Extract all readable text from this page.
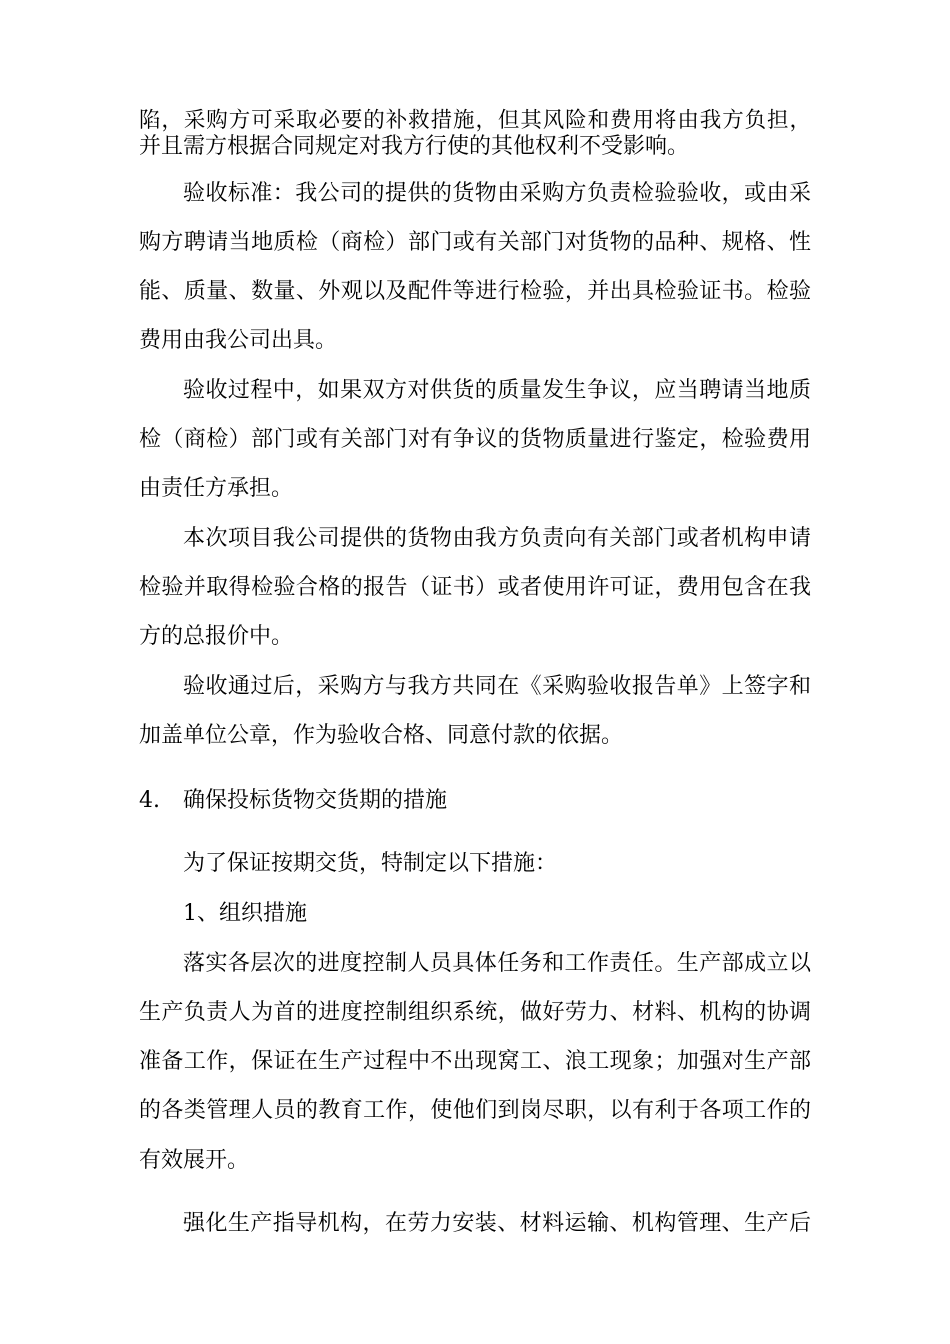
陷，采购方可采取必要的补救措施，但其风险和费用将由我方负担，

并且需方根据合同规定对我方行使的其他权利不受影响。

验收标准：我公司的提供的货物由采购方负责检验验收，或由采

购方聘请当地质检（商检）部门或有关部门对货物的品种、规格、性

能、质量、数量、外观以及配件等进行检验，并出具检验证书。检验

费用由我公司出具。

验收过程中，如果双方对供货的质量发生争议，应当聘请当地质

检（商检）部门或有关部门对有争议的货物质量进行鉴定，检验费用

由责任方承担。

本次项目我公司提供的货物由我方负责向有关部门或者机构申请

检验并取得检验合格的报告（证书）或者使用许可证，费用包含在我

方的总报价中。

验收通过后，采购方与我方共同在《采购验收报告单》上签字和

加盖单位公章，作为验收合格、同意付款的依据。

4. 确保投标货物交货期的措施

为了保证按期交货，特制定以下措施：

1、组织措施

落实各层次的进度控制人员具体任务和工作责任。生产部成立以

生产负责人为首的进度控制组织系统，做好劳力、材料、机构的协调

准备工作，保证在生产过程中不出现窝工、浪工现象；加强对生产部

的各类管理人员的教育工作，使他们到岗尽职，以有利于各项工作的

有效展开。

强化生产指导机构，在劳力安装、材料运输、机构管理、生产后
